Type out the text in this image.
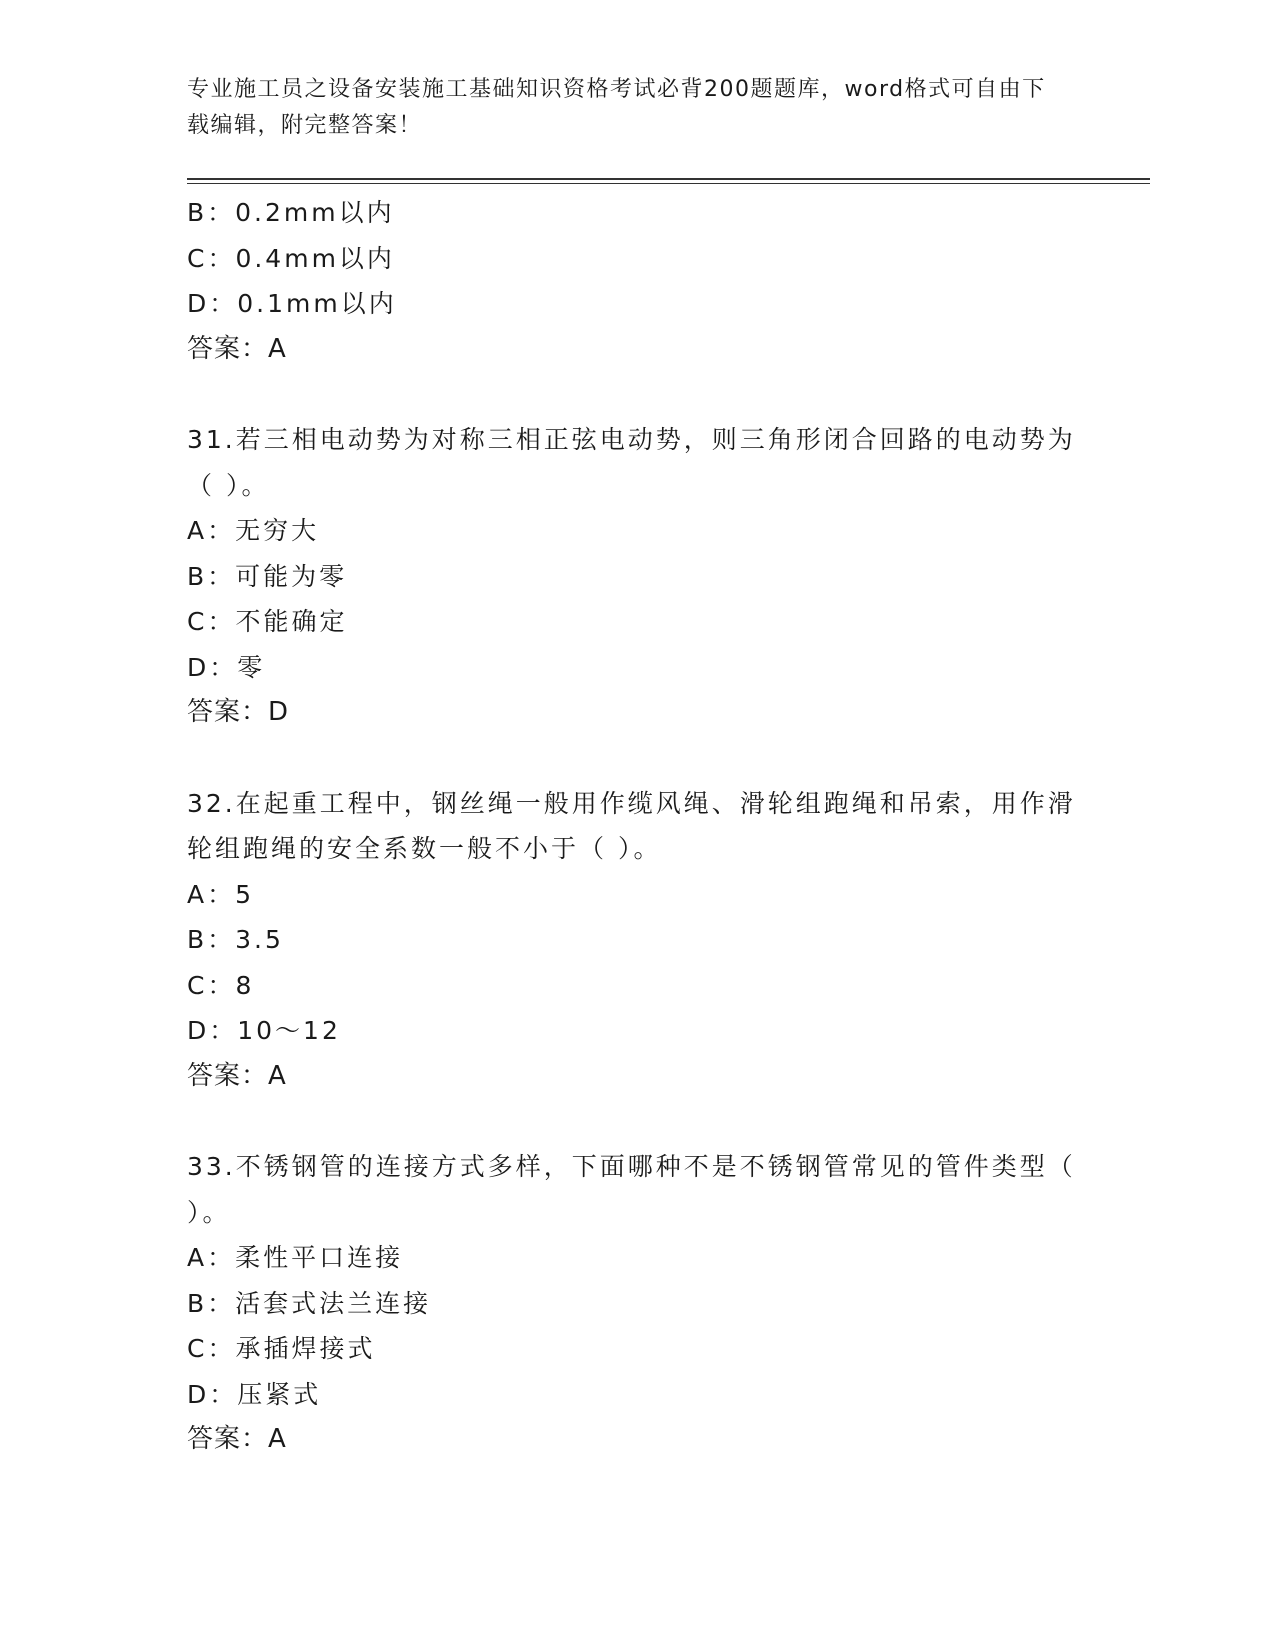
专业施工员之设备安装施工基础知识资格考试必背200题题库，word格式可自由下载编辑，附完整答案！
B：0.2mm以内
C：0.4mm以内
D：0.1mm以内
答案：A
31.若三相电动势为对称三相正弦电动势，则三角形闭合回路的电动势为（ ）。
A：无穷大
B：可能为零
C：不能确定
D：零
答案：D
32.在起重工程中，钢丝绳一般用作缆风绳、滑轮组跑绳和吊索，用作滑轮组跑绳的安全系数一般不小于（ ）。
A：5
B：3.5
C：8
D：10～12
答案：A
33.不锈钢管的连接方式多样，下面哪种不是不锈钢管常见的管件类型（ ）。
A：柔性平口连接
B：活套式法兰连接
C：承插焊接式
D：压紧式
答案：A
